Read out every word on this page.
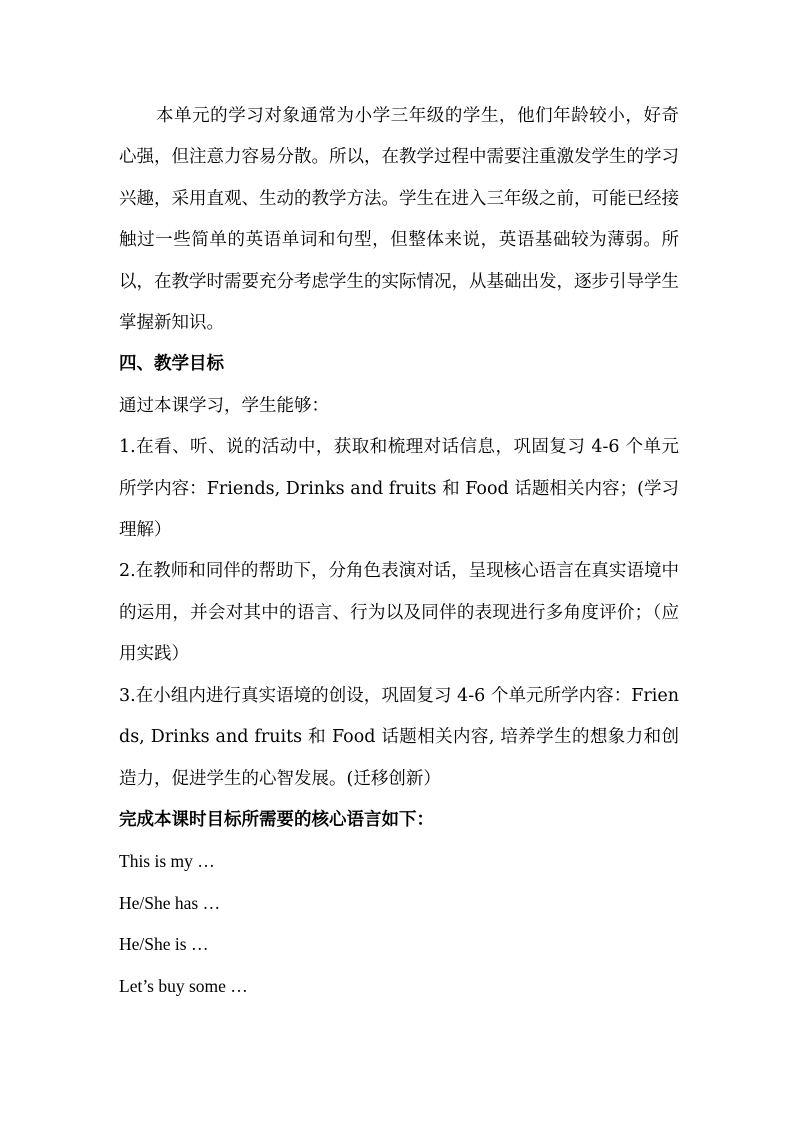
本单元的学习对象通常为小学三年级的学生，他们年龄较小，好奇心强，但注意力容易分散。所以，在教学过程中需要注重激发学生的学习兴趣，采用直观、生动的教学方法。学生在进入三年级之前，可能已经接触过一些简单的英语单词和句型，但整体来说，英语基础较为薄弱。所以，在教学时需要充分考虑学生的实际情况，从基础出发，逐步引导学生掌握新知识。

四、教学目标

通过本课学习，学生能够：

1.在看、听、说的活动中，获取和梳理对话信息，巩固复习 4-6 个单元所学内容：Friends, Drinks and fruits 和 Food 话题相关内容；(学习理解）

2.在教师和同伴的帮助下，分角色表演对话，呈现核心语言在真实语境中的运用，并会对其中的语言、行为以及同伴的表现进行多角度评价；（应用实践）

3.在小组内进行真实语境的创设，巩固复习 4-6 个单元所学内容：Friends, Drinks and fruits 和 Food 话题相关内容, 培养学生的想象力和创造力，促进学生的心智发展。(迁移创新）

完成本课时目标所需要的核心语言如下：

This is my …

He/She has …

He/She is …

Let’s buy some …
